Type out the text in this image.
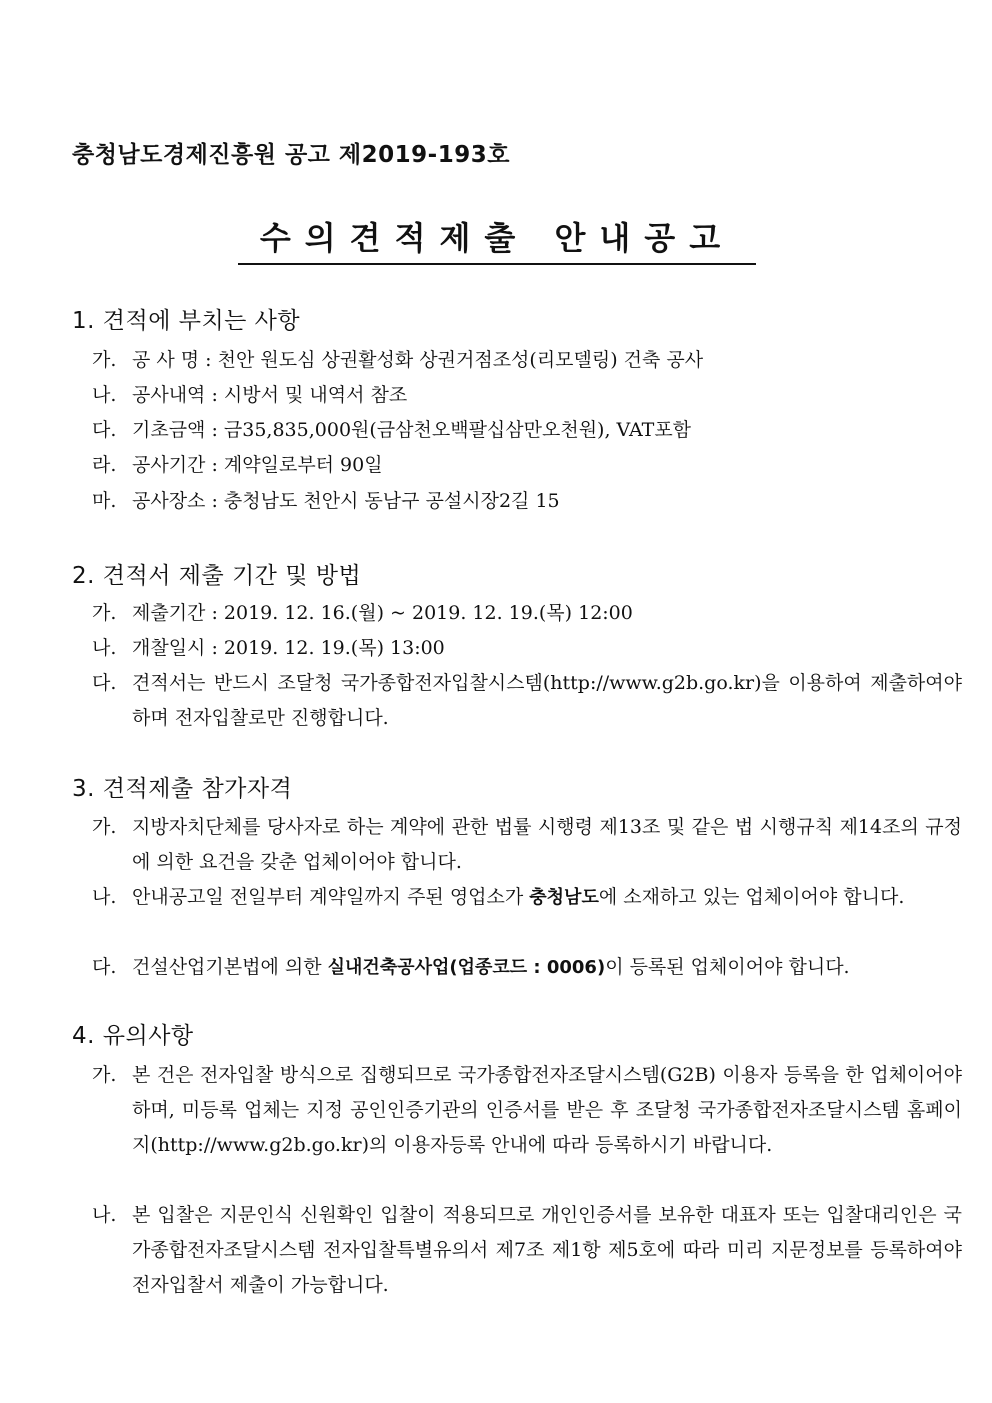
충청남도경제진흥원 공고 제2019-193호
수의견적제출 안내공고
1. 견적에 부치는 사항
가. 공 사 명 : 천안 원도심 상권활성화 상권거점조성(리모델링) 건축 공사
나. 공사내역 : 시방서 및 내역서 참조
다. 기초금액 : 금35,835,000원(금삼천오백팔십삼만오천원), VAT포함
라. 공사기간 : 계약일로부터 90일
마. 공사장소 : 충청남도 천안시 동남구 공설시장2길 15
2. 견적서 제출 기간 및 방법
가. 제출기간 : 2019. 12. 16.(월) ~ 2019. 12. 19.(목) 12:00
나. 개찰일시 : 2019. 12. 19.(목) 13:00
다. 견적서는 반드시 조달청 국가종합전자입찰시스템(http://www.g2b.go.kr)을 이용하여 제출하여야 하며 전자입찰로만 진행합니다.
3. 견적제출 참가자격
가. 지방자치단체를 당사자로 하는 계약에 관한 법률 시행령 제13조 및 같은 법 시행규칙 제14조의 규정에 의한 요건을 갖춘 업체이어야 합니다.
나. 안내공고일 전일부터 계약일까지 주된 영업소가 충청남도에 소재하고 있는 업체이어야 합니다.
다. 건설산업기본법에 의한 실내건축공사업(업종코드 : 0006)이 등록된 업체이어야 합니다.
4. 유의사항
가. 본 건은 전자입찰 방식으로 집행되므로 국가종합전자조달시스템(G2B) 이용자 등록을 한 업체이어야 하며, 미등록 업체는 지정 공인인증기관의 인증서를 받은 후 조달청 국가종합전자조달시스템 홈페이지(http://www.g2b.go.kr)의 이용자등록 안내에 따라 등록하시기 바랍니다.
나. 본 입찰은 지문인식 신원확인 입찰이 적용되므로 개인인증서를 보유한 대표자 또는 입찰대리인은 국가종합전자조달시스템 전자입찰특별유의서 제7조 제1항 제5호에 따라 미리 지문정보를 등록하여야 전자입찰서 제출이 가능합니다.
